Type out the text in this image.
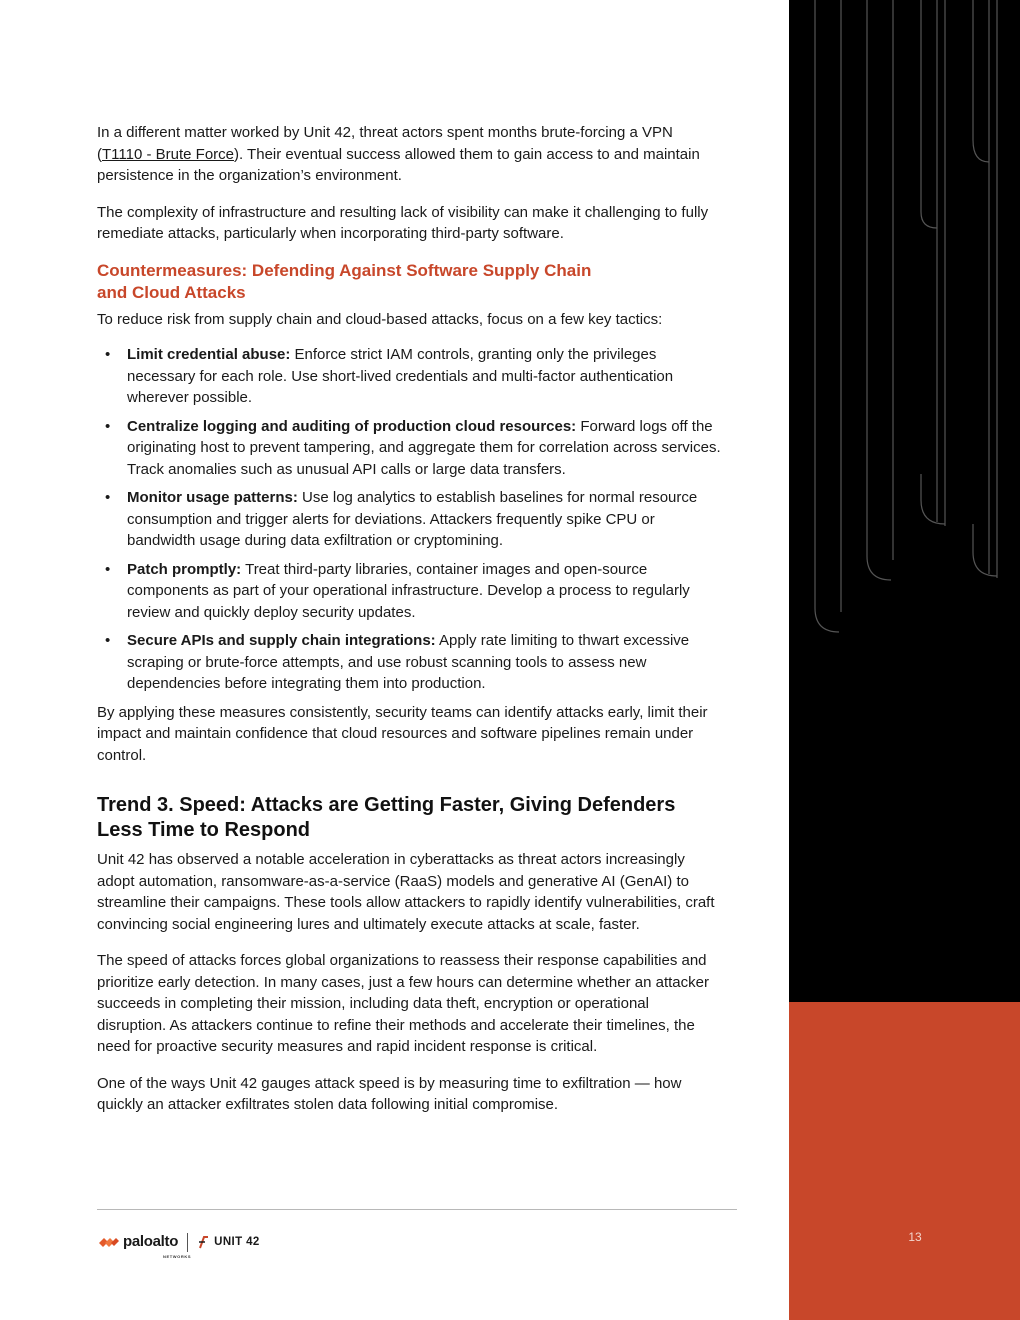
In a different matter worked by Unit 42, threat actors spent months brute-forcing a VPN (T1110 - Brute Force). Their eventual success allowed them to gain access to and maintain persistence in the organization’s environment.

The complexity of infrastructure and resulting lack of visibility can make it challenging to fully remediate attacks, particularly when incorporating third-party software.

Countermeasures: Defending Against Software Supply Chain
and Cloud Attacks

To reduce risk from supply chain and cloud-based attacks, focus on a few key tactics:

• Limit credential abuse: Enforce strict IAM controls, granting only the privileges necessary for each role. Use short-lived credentials and multi-factor authentication wherever possible.
• Centralize logging and auditing of production cloud resources: Forward logs off the originating host to prevent tampering, and aggregate them for correlation across services. Track anomalies such as unusual API calls or large data transfers.
• Monitor usage patterns: Use log analytics to establish baselines for normal resource consumption and trigger alerts for deviations. Attackers frequently spike CPU or bandwidth usage during data exfiltration or cryptomining.
• Patch promptly: Treat third-party libraries, container images and open-source components as part of your operational infrastructure. Develop a process to regularly review and quickly deploy security updates.
• Secure APIs and supply chain integrations: Apply rate limiting to thwart excessive scraping or brute-force attempts, and use robust scanning tools to assess new dependencies before integrating them into production.

By applying these measures consistently, security teams can identify attacks early, limit their impact and maintain confidence that cloud resources and software pipelines remain under control.

Trend 3. Speed: Attacks are Getting Faster, Giving Defenders
Less Time to Respond

Unit 42 has observed a notable acceleration in cyberattacks as threat actors increasingly adopt automation, ransomware-as-a-service (RaaS) models and generative AI (GenAI) to streamline their campaigns. These tools allow attackers to rapidly identify vulnerabilities, craft convincing social engineering lures and ultimately execute attacks at scale, faster.

The speed of attacks forces global organizations to reassess their response capabilities and prioritize early detection. In many cases, just a few hours can determine whether an attacker succeeds in completing their mission, including data theft, encryption or operational disruption. As attackers continue to refine their methods and accelerate their timelines, the need for proactive security measures and rapid incident response is critical.

One of the ways Unit 42 gauges attack speed is by measuring time to exfiltration — how quickly an attacker exfiltrates stolen data following initial compromise.

paloalto
NETWORKS
UNIT 42	13
